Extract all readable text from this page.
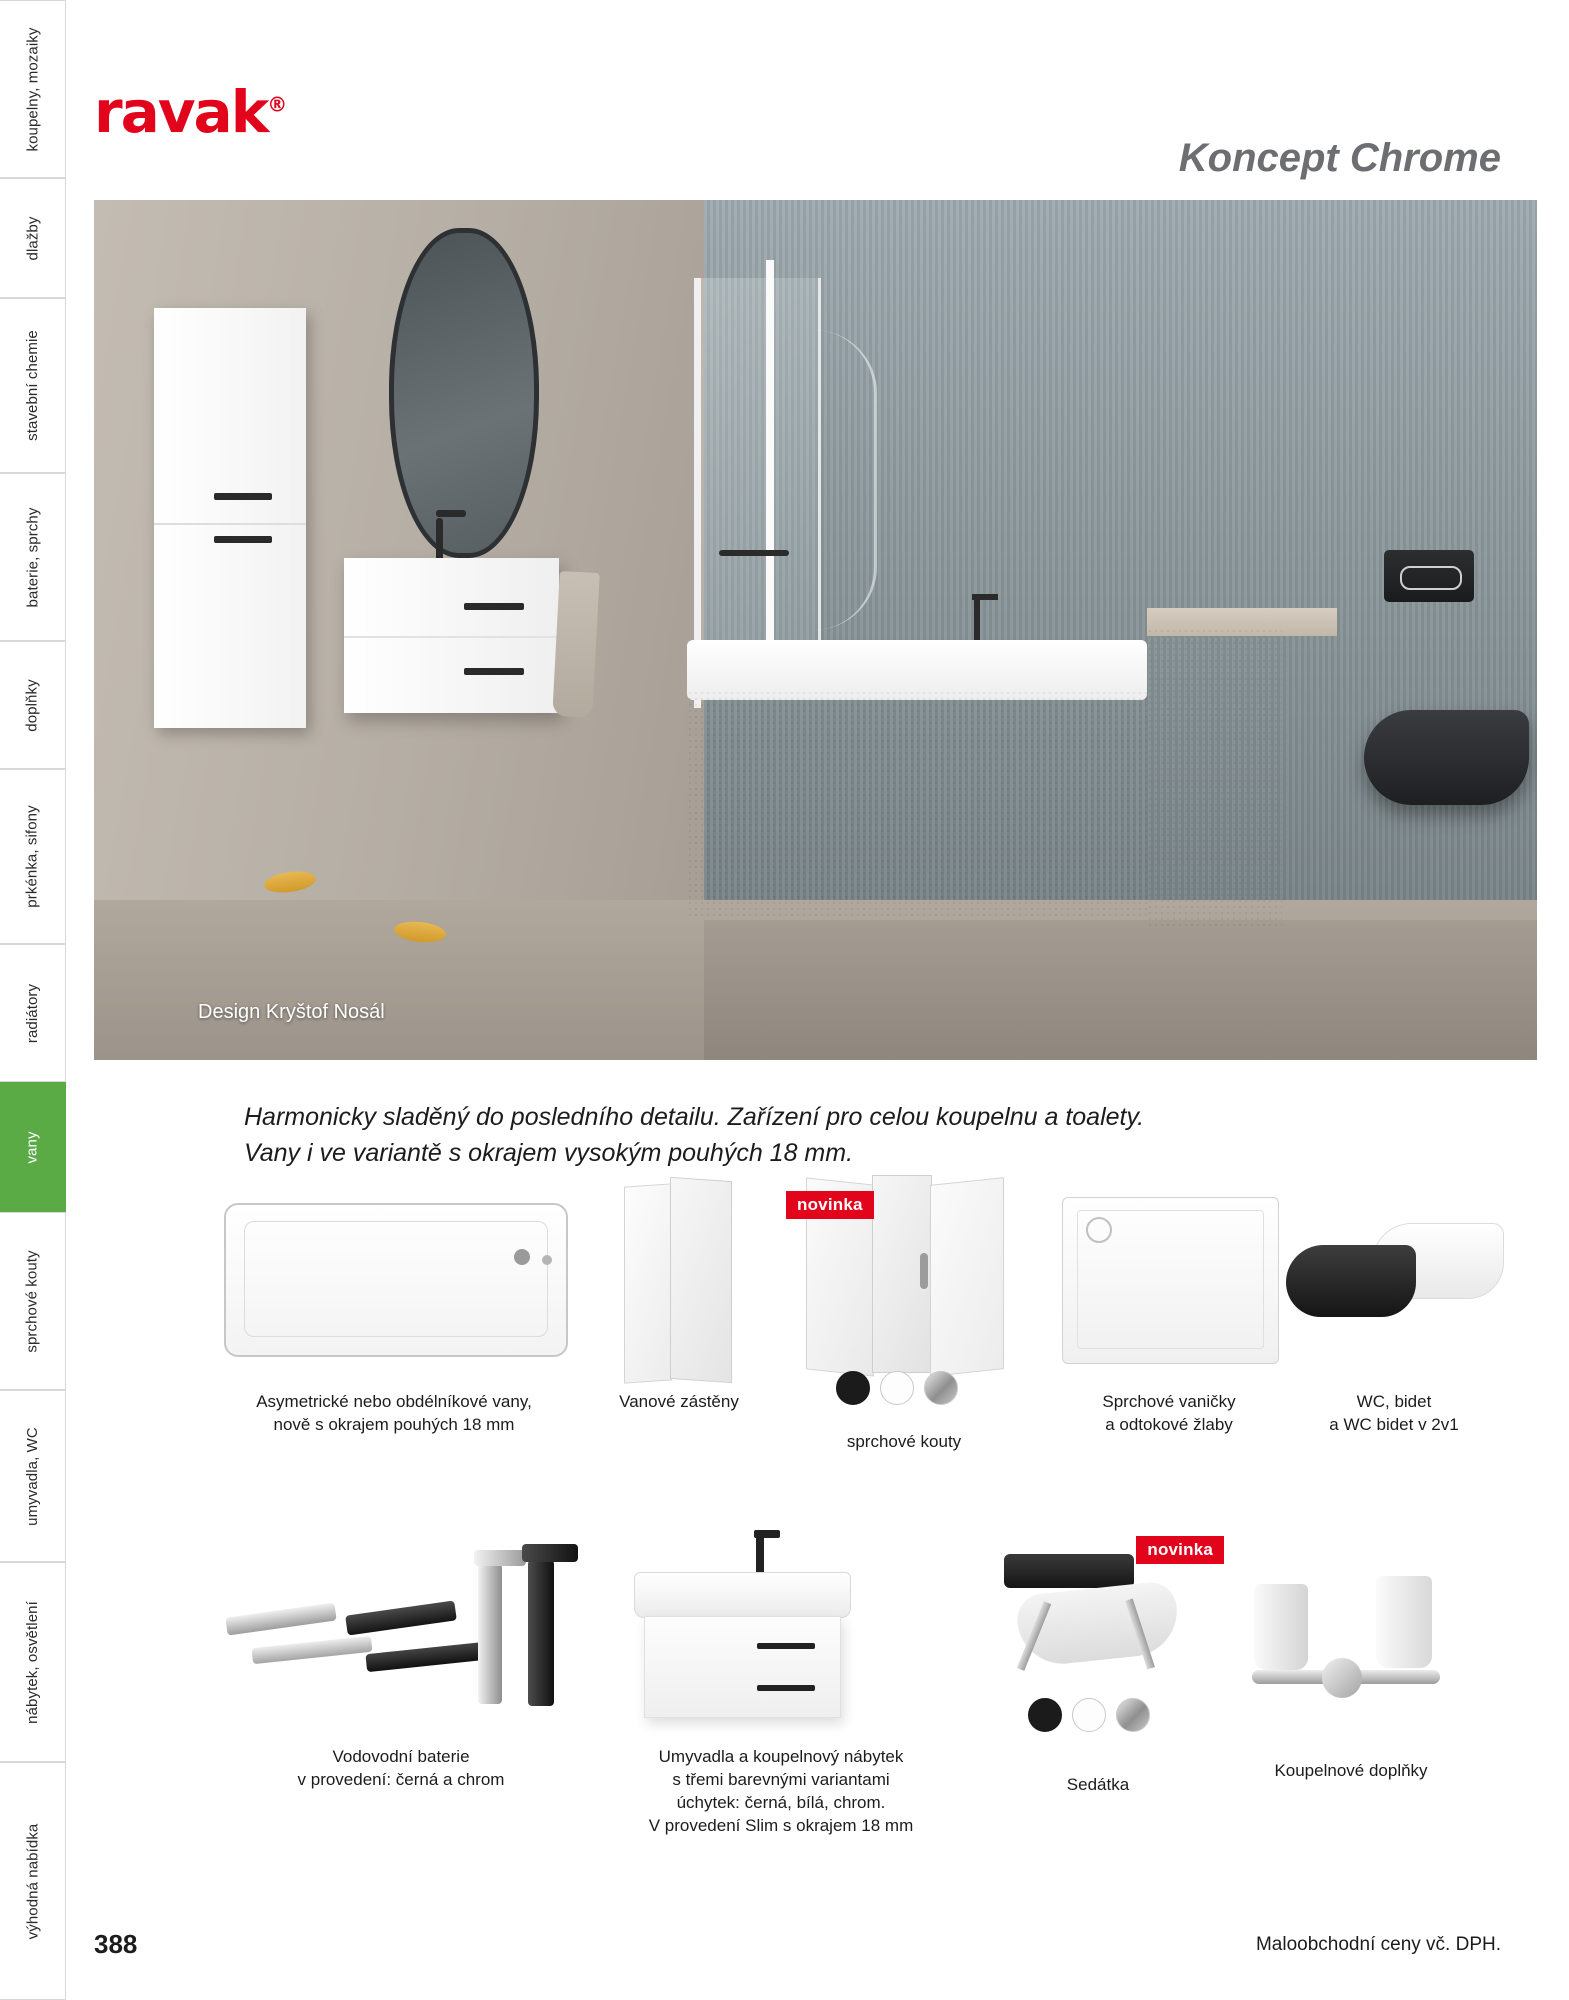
koupelny, mozaiky
dlažby
stavební chemie
baterie, sprchy
doplňky
prkénka, sifony
radiátory
vany
sprchové kouty
umyvadla, WC
nábytek, osvětlení
výhodná nabídka
ravak®
Koncept Chrome
Design Kryštof Nosál
Harmonicky sladěný do posledního detailu. Zařízení pro celou koupelnu a toalety.
Vany i ve variantě s okrajem vysokým pouhých 18 mm.
Asymetrické nebo obdélníkové vany,
nově s okrajem pouhých 18 mm
Vanové zástěny
novinka
sprchové kouty
Sprchové vaničky
a odtokové žlaby
WC, bidet
a WC bidet v 2v1
Vodovodní baterie
v provedení: černá a chrom
Umyvadla a koupelnový nábytek
s třemi barevnými variantami
úchytek: černá, bílá, chrom.
V provedení Slim s okrajem 18 mm
novinka
Sedátka
Koupelnové doplňky
388	Maloobchodní ceny vč. DPH.
